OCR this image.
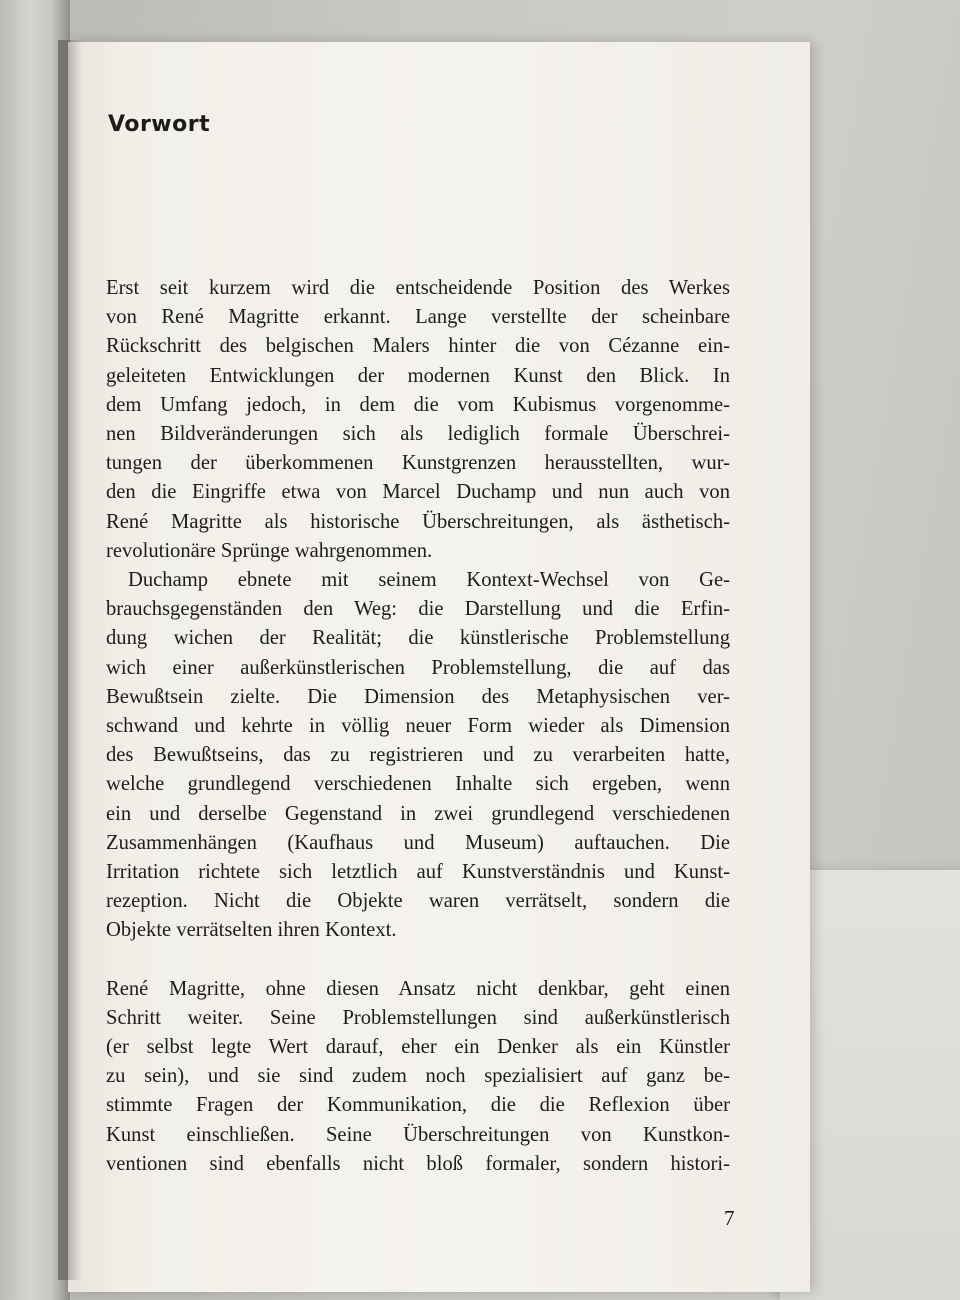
Vorwort

Erst seit kurzem wird die entscheidende Position des Werkes
von René Magritte erkannt. Lange verstellte der scheinbare
Rückschritt des belgischen Malers hinter die von Cézanne ein-
geleiteten Entwicklungen der modernen Kunst den Blick. In
dem Umfang jedoch, in dem die vom Kubismus vorgenomme-
nen Bildveränderungen sich als lediglich formale Überschrei-
tungen der überkommenen Kunstgrenzen herausstellten, wur-
den die Eingriffe etwa von Marcel Duchamp und nun auch von
René Magritte als historische Überschreitungen, als ästhetisch-
revolutionäre Sprünge wahrgenommen.

Duchamp ebnete mit seinem Kontext-Wechsel von Ge-
brauchsgegenständen den Weg: die Darstellung und die Erfin-
dung wichen der Realität; die künstlerische Problemstellung
wich einer außerkünstlerischen Problemstellung, die auf das
Bewußtsein zielte. Die Dimension des Metaphysischen ver-
schwand und kehrte in völlig neuer Form wieder als Dimension
des Bewußtseins, das zu registrieren und zu verarbeiten hatte,
welche grundlegend verschiedenen Inhalte sich ergeben, wenn
ein und derselbe Gegenstand in zwei grundlegend verschiedenen
Zusammenhängen (Kaufhaus und Museum) auftauchen. Die
Irritation richtete sich letztlich auf Kunstverständnis und Kunst-
rezeption. Nicht die Objekte waren verrätselt, sondern die
Objekte verrätselten ihren Kontext.

René Magritte, ohne diesen Ansatz nicht denkbar, geht einen
Schritt weiter. Seine Problemstellungen sind außerkünstlerisch
(er selbst legte Wert darauf, eher ein Denker als ein Künstler
zu sein), und sie sind zudem noch spezialisiert auf ganz be-
stimmte Fragen der Kommunikation, die die Reflexion über
Kunst einschließen. Seine Überschreitungen von Kunstkon-
ventionen sind ebenfalls nicht bloß formaler, sondern histori-

7
